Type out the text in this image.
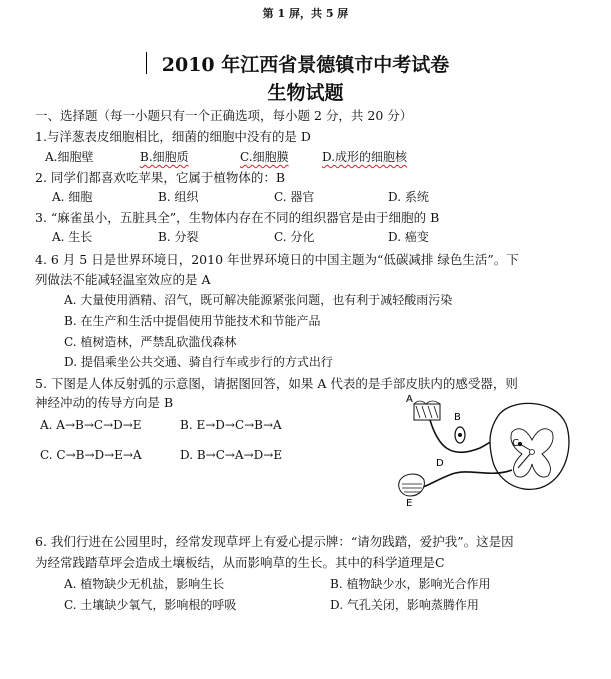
第 1 屏，共 5 屏
2010 年江西省景德镇市中考试卷
生物试题
一、选择题（每一小题只有一个正确选项，每小题 2 分，共 20 分）
1.与洋葱表皮细胞相比，细菌的细胞中没有的是 D
A.细胞壁	B.细胞质	C.细胞膜	D.成形的细胞核
2. 同学们都喜欢吃苹果，它属于植物体的：B
A. 细胞	B. 组织	C. 器官	D. 系统
3. “麻雀虽小，五脏具全”，生物体内存在不同的组织器官是由于细胞的 B
A. 生长	B. 分裂	C. 分化	D. 癌变
4. 6 月 5 日是世界环境日，2010 年世界环境日的中国主题为“低碳减排 绿色生活”。下
列做法不能减轻温室效应的是 A
A. 大量使用酒精、沼气，既可解决能源紧张问题，也有利于减轻酸雨污染
B. 在生产和生活中提倡使用节能技术和节能产品
C. 植树造林，严禁乱砍滥伐森林
D. 提倡乘坐公共交通、骑自行车或步行的方式出行
5. 下图是人体反射弧的示意图，请据图回答，如果 A 代表的是手部皮肤内的感受器，则
神经冲动的传导方向是 B
A. A→B→C→D→E	B. E→D→C→B→A
C. C→B→D→E→A	D. B→C→A→D→E
A
B
C
D
E
6. 我们行进在公园里时，经常发现草坪上有爱心提示牌：“请勿践踏，爱护我”。这是因
为经常践踏草坪会造成土壤板结，从而影响草的生长。其中的科学道理是C
A. 植物缺少无机盐，影响生长	B. 植物缺少水，影响光合作用
C. 土壤缺少氧气，影响根的呼吸	D. 气孔关闭，影响蒸腾作用
